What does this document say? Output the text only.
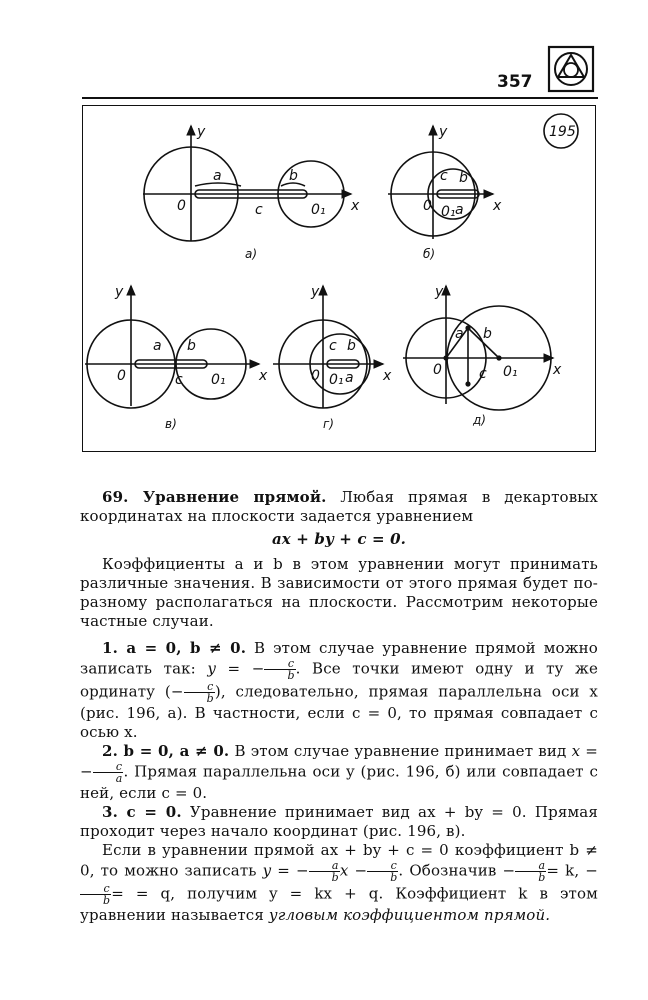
357
195
y
x
0	0₁
a	b
c
а)
y
x
0 0₁ a
b
c
б)
y
x
0	0₁
a b
c
в)
y
x
0 0₁ a
b
c
г)
y
x
0	0₁
a b
c
д)

69. Уравнение прямой. Любая прямая в декартовых координатах на плоскости задается уравнением

ax + by + c = 0.

Коэффициенты a и b в этом уравнении могут принимать различные значения. В зависимости от этого прямая будет по-разному располагаться на плоскости. Рассмотрим некоторые частные случаи.

1. a = 0, b ≠ 0. В этом случае уравнение прямой можно записать так: y = − $\frac{c}{b}$ . Все точки имеют одну и ту же ординату (− $\frac{c}{b}$ ), следовательно, прямая параллельна оси x (рис. 196, а). В частности, если c = 0, то прямая совпадает с осью x.

2. b = 0, a ≠ 0. В этом случае уравнение принимает вид x = − $\frac{c}{a}$ . Прямая параллельна оси y (рис. 196, б) или совпадает с ней, если c = 0.

3. c = 0. Уравнение принимает вид ax + by = 0. Прямая проходит через начало координат (рис. 196, в).

Если в уравнении прямой ax + by + c = 0 коэффициент b ≠ 0, то можно записать y = − $\frac{a}{b}$ $x - \frac{c}{b}$ . Обозначив − $\frac{a}{b} = k$, −
$\frac{c}{b}$ = = q, получим y = kx + q. Коэффициент k в этом уравнении называется угловым коэффициентом прямой.
